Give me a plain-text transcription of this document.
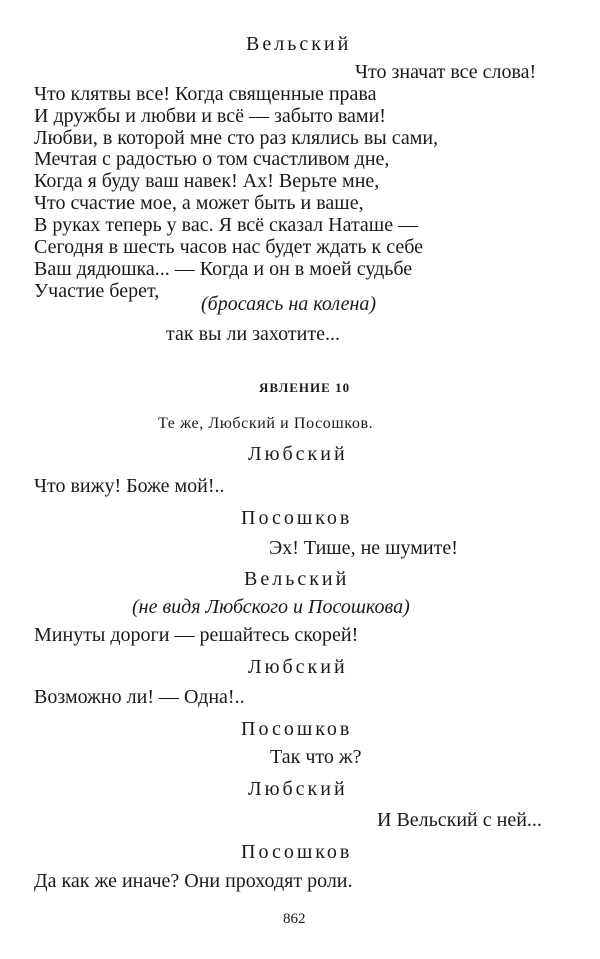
Вельский
Что значат все слова!
Что клятвы все! Когда священные права
И дружбы и любви и всё — забыто вами!
Любви, в которой мне сто раз клялись вы сами,
Мечтая с радостью о том счастливом дне,
Когда я буду ваш навек! Ах! Верьте мне,
Что счастие мое, а может быть и ваше,
В руках теперь у вас. Я всё сказал Наташе —
Сегодня в шесть часов нас будет ждать к себе
Ваш дядюшка... — Когда и он в моей судьбе
Участие берет,
(бросаясь на колена)
так вы ли захотите...
ЯВЛЕНИЕ 10
Те же, Любский и Посошков.
Любский
Что вижу! Боже мой!..
Посошков
Эх! Тише, не шумите!
Вельский
(не видя Любского и Посошкова)
Минуты дороги — решайтесь скорей!
Любский
Возможно ли! — Одна!..
Посошков
Так что ж?
Любский
И Вельский с ней...
Посошков
Да как же иначе? Они проходят роли.
862
